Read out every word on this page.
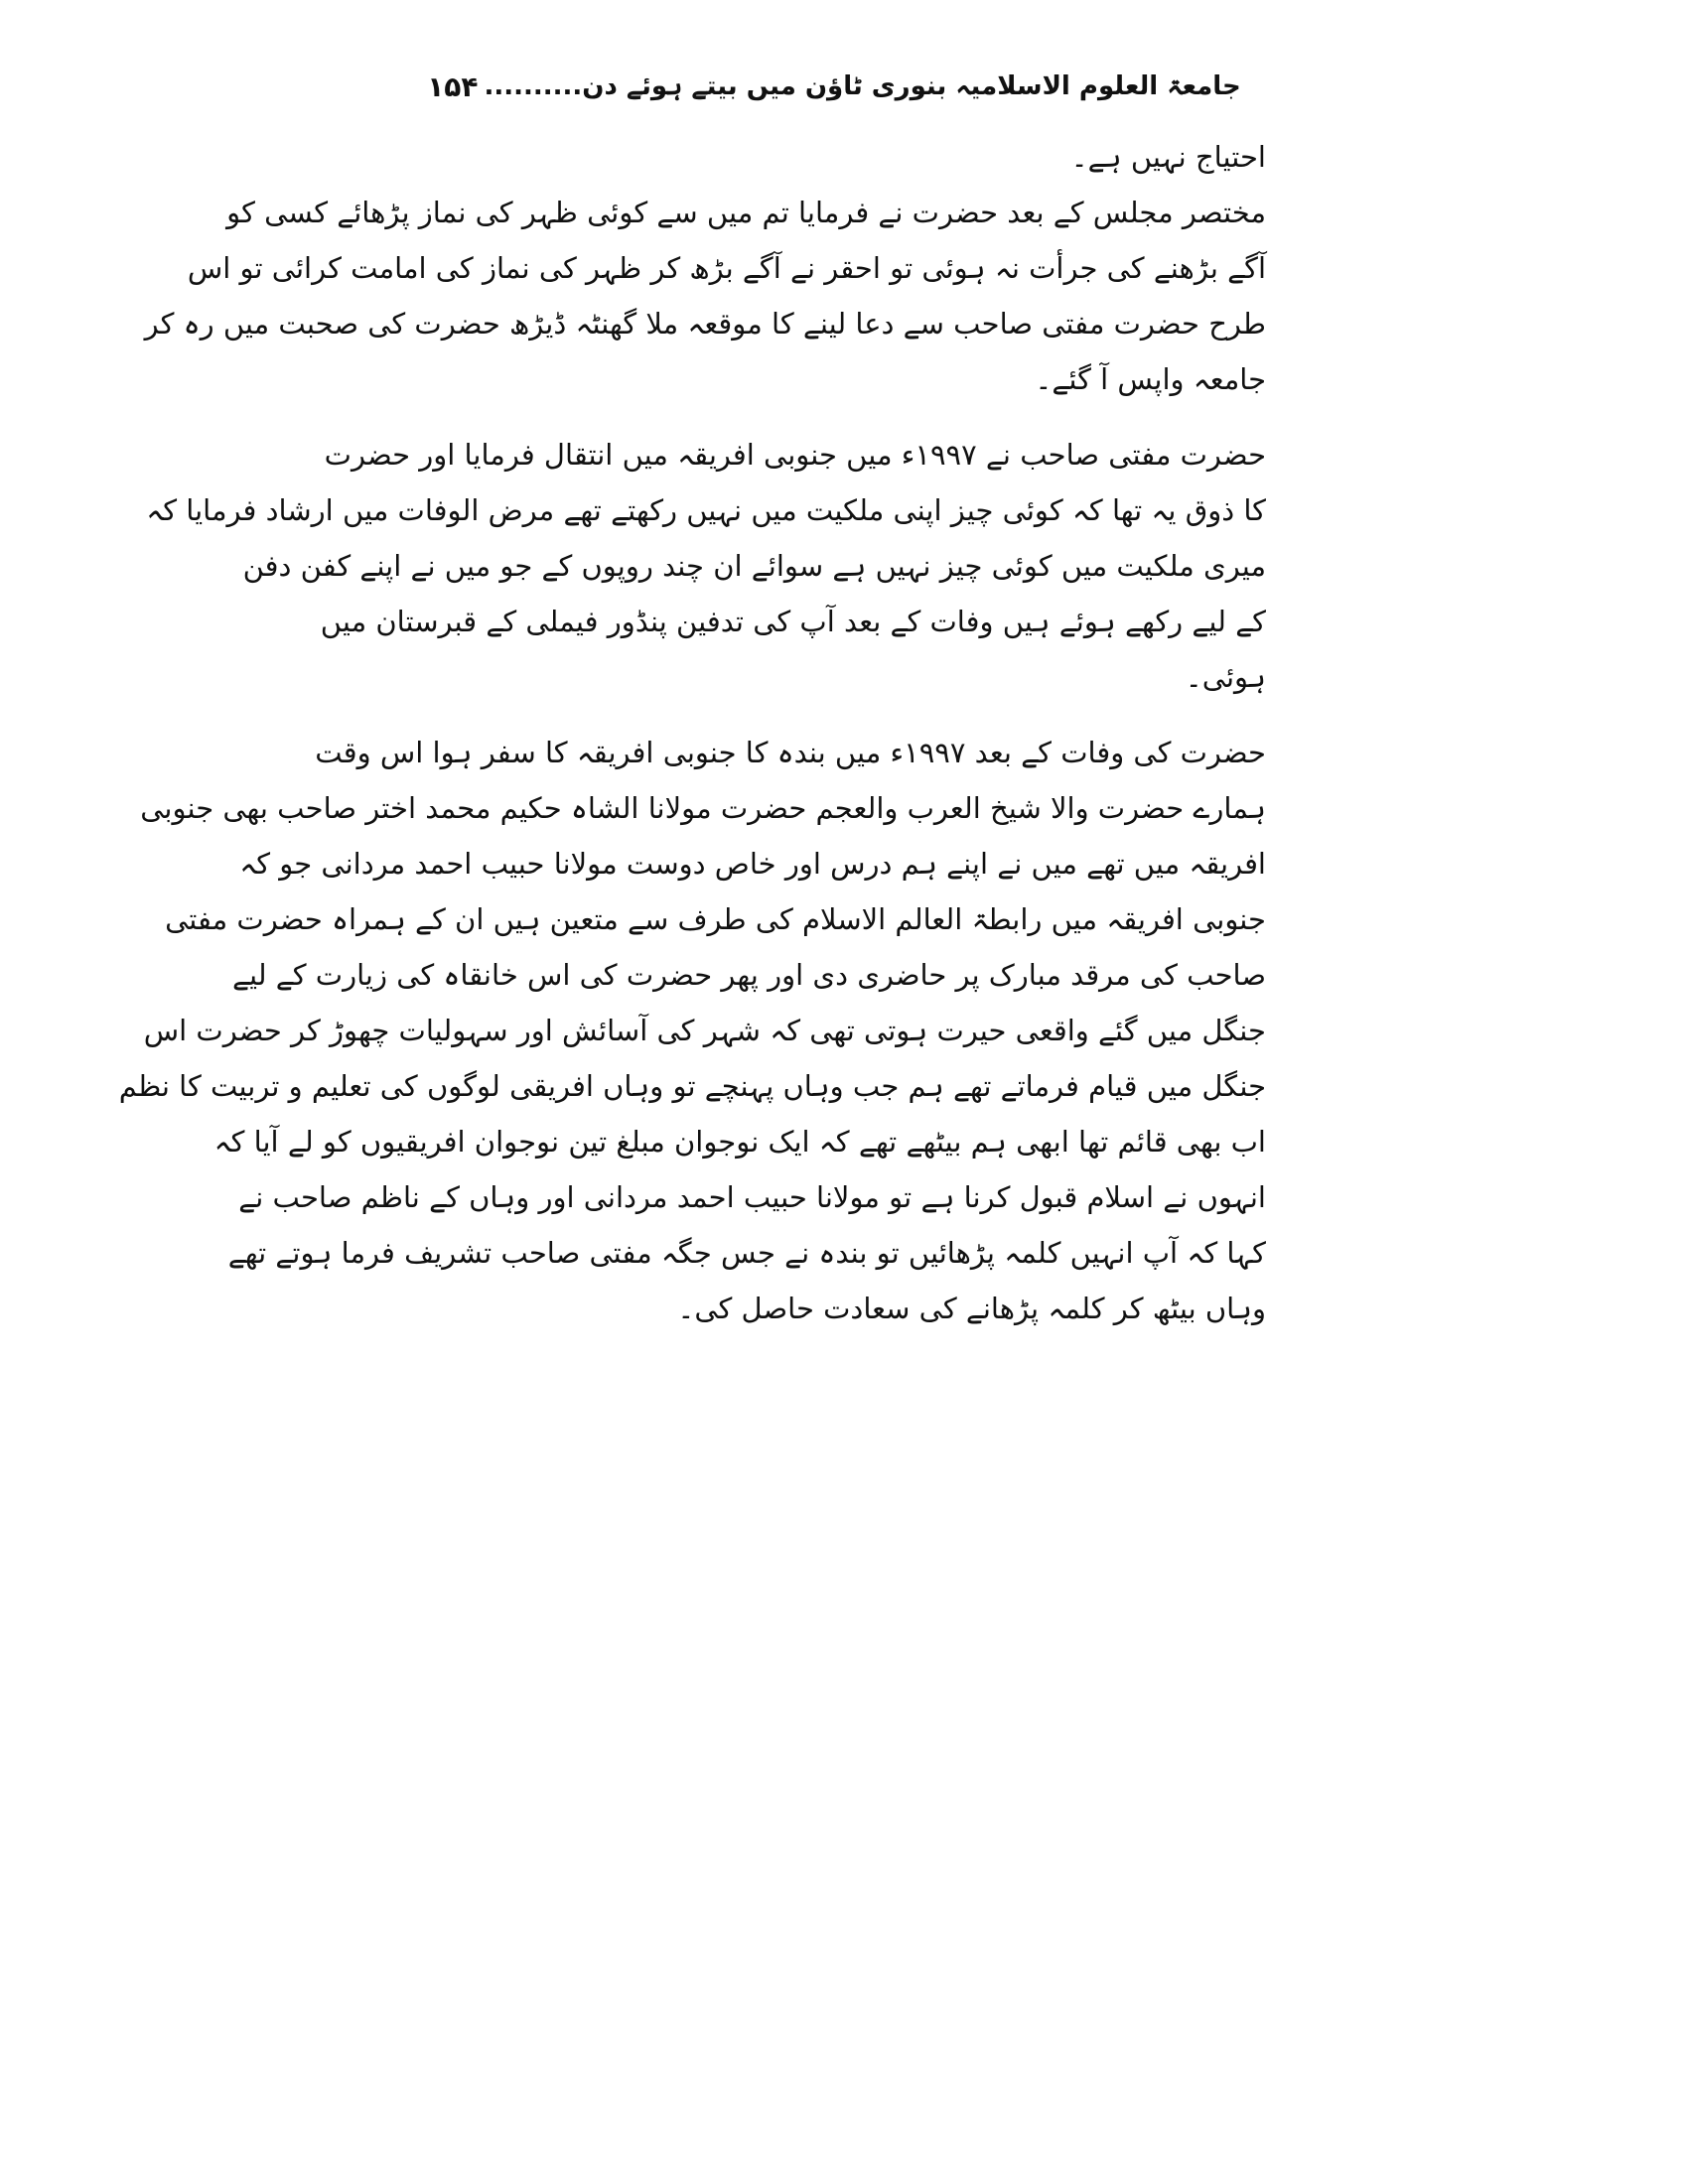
جامعۃ العلوم الاسلامیہ بنوری ٹاؤن میں بیتے ہوئے دن..........
۱۵۴
احتیاج نہیں ہے۔
مختصر مجلس کے بعد حضرت نے فرمایا تم میں سے کوئی ظہر کی نماز پڑھائے کسی کو
آگے بڑھنے کی جرأت نہ ہوئی تو احقر نے آگے بڑھ کر ظہر کی نماز کی امامت کرائی تو اس
طرح حضرت مفتی صاحب سے دعا لینے کا موقعہ ملا گھنٹہ ڈیڑھ حضرت کی صحبت میں رہ کر
جامعہ واپس آ گئے۔
حضرت مفتی صاحب نے ۱۹۹۷ء میں جنوبی افریقہ میں انتقال فرمایا اور حضرت
کا ذوق یہ تھا کہ کوئی چیز اپنی ملکیت میں نہیں رکھتے تھے مرض الوفات میں ارشاد فرمایا کہ
میری ملکیت میں کوئی چیز نہیں ہے سوائے ان چند روپوں کے جو میں نے اپنے کفن دفن
کے لیے رکھے ہوئے ہیں وفات کے بعد آپ کی تدفین پنڈور فیملی کے قبرستان میں
ہوئی۔
حضرت کی وفات کے بعد ۱۹۹۷ء میں بندہ کا جنوبی افریقہ کا سفر ہوا اس وقت
ہمارے حضرت والا شیخ العرب والعجم حضرت مولانا الشاہ حکیم محمد اختر صاحب بھی جنوبی
افریقہ میں تھے میں نے اپنے ہم درس اور خاص دوست مولانا حبیب احمد مردانی جو کہ
جنوبی افریقہ میں رابطۃ العالم الاسلام کی طرف سے متعین ہیں ان کے ہمراہ حضرت مفتی
صاحب کی مرقد مبارک پر حاضری دی اور پھر حضرت کی اس خانقاہ کی زیارت کے لیے
جنگل میں گئے واقعی حیرت ہوتی تھی کہ شہر کی آسائش اور سہولیات چھوڑ کر حضرت اس
جنگل میں قیام فرماتے تھے ہم جب وہاں پہنچے تو وہاں افریقی لوگوں کی تعلیم و تربیت کا نظم
اب بھی قائم تھا ابھی ہم بیٹھے تھے کہ ایک نوجوان مبلغ تین نوجوان افریقیوں کو لے آیا کہ
انہوں نے اسلام قبول کرنا ہے تو مولانا حبیب احمد مردانی اور وہاں کے ناظم صاحب نے
کہا کہ آپ انہیں کلمہ پڑھائیں تو بندہ نے جس جگہ مفتی صاحب تشریف فرما ہوتے تھے
وہاں بیٹھ کر کلمہ پڑھانے کی سعادت حاصل کی۔
